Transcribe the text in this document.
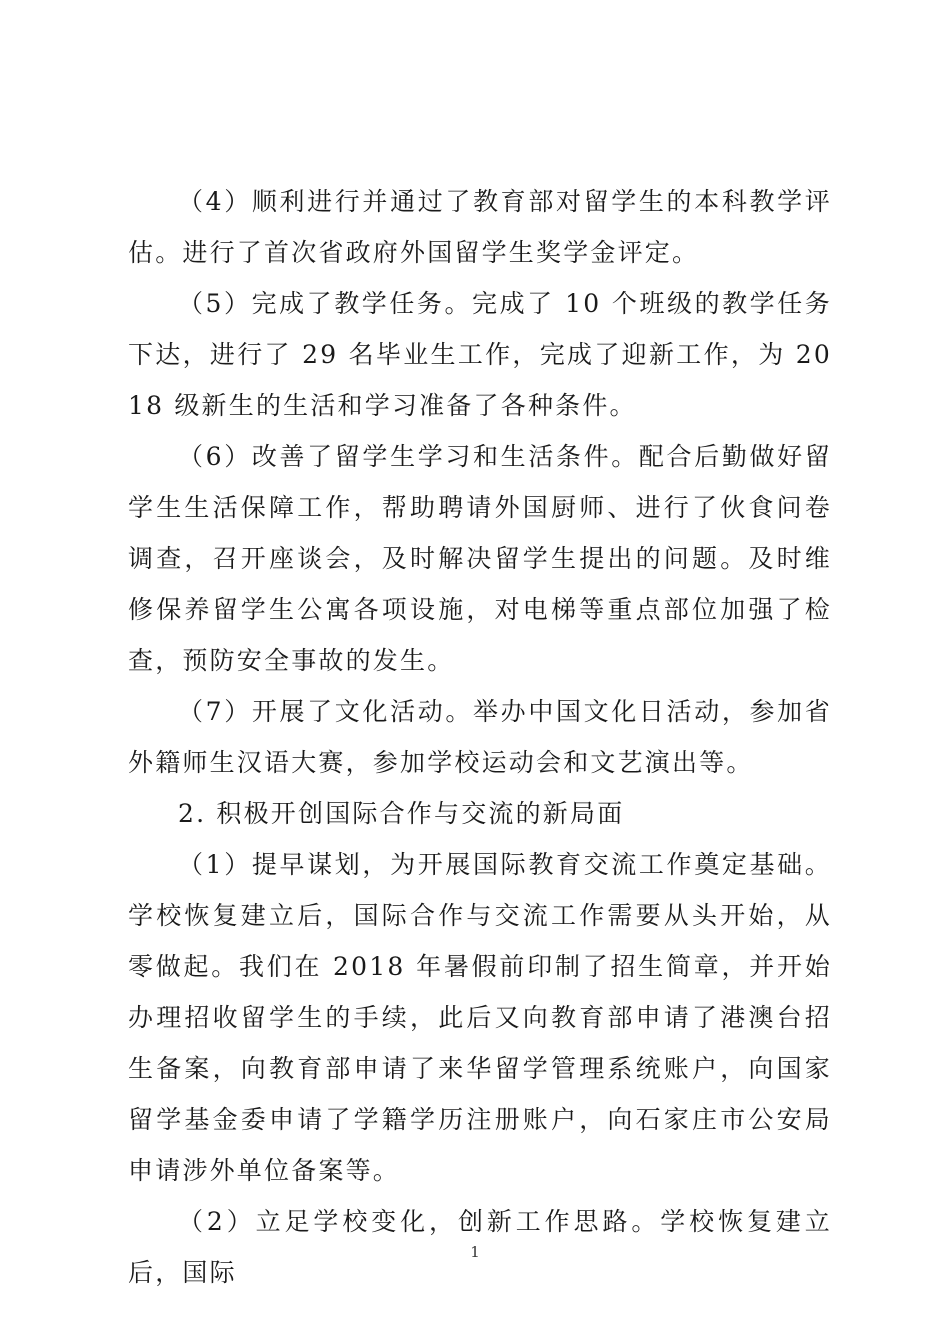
（4）顺利进行并通过了教育部对留学生的本科教学评估。进行了首次省政府外国留学生奖学金评定。

（5）完成了教学任务。完成了 10 个班级的教学任务下达，进行了 29 名毕业生工作，完成了迎新工作，为 2018 级新生的生活和学习准备了各种条件。

（6）改善了留学生学习和生活条件。配合后勤做好留学生生活保障工作，帮助聘请外国厨师、进行了伙食问卷调查，召开座谈会，及时解决留学生提出的问题。及时维修保养留学生公寓各项设施，对电梯等重点部位加强了检查，预防安全事故的发生。

（7）开展了文化活动。举办中国文化日活动，参加省外籍师生汉语大赛，参加学校运动会和文艺演出等。

2. 积极开创国际合作与交流的新局面

（1）提早谋划，为开展国际教育交流工作奠定基础。学校恢复建立后，国际合作与交流工作需要从头开始，从零做起。我们在 2018 年暑假前印制了招生简章，并开始办理招收留学生的手续，此后又向教育部申请了港澳台招生备案，向教育部申请了来华留学管理系统账户，向国家留学基金委申请了学籍学历注册账户，向石家庄市公安局申请涉外单位备案等。

（2）立足学校变化，创新工作思路。学校恢复建立后，国际

1
